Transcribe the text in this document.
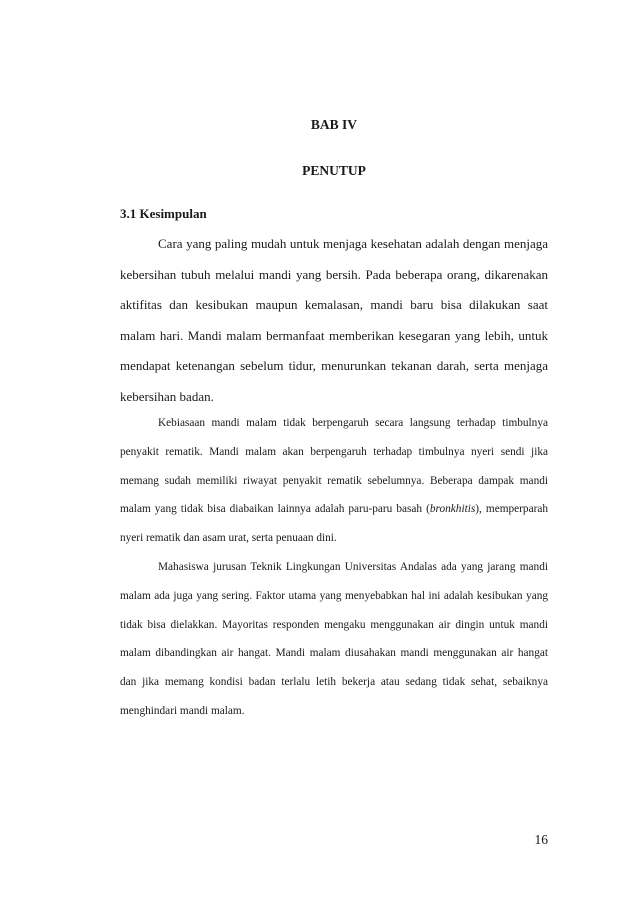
BAB IV
PENUTUP
3.1 Kesimpulan

Cara yang paling mudah untuk menjaga kesehatan adalah dengan menjaga kebersihan tubuh melalui mandi yang bersih. Pada beberapa orang, dikarenakan aktifitas dan kesibukan maupun kemalasan, mandi baru bisa dilakukan saat malam hari. Mandi malam bermanfaat memberikan kesegaran yang lebih, untuk mendapat ketenangan sebelum tidur, menurunkan tekanan darah, serta menjaga kebersihan badan.

Kebiasaan mandi malam tidak berpengaruh secara langsung terhadap timbulnya penyakit rematik. Mandi malam akan berpengaruh terhadap timbulnya nyeri sendi jika memang sudah memiliki riwayat penyakit rematik sebelumnya. Beberapa dampak mandi malam yang tidak bisa diabaikan lainnya adalah paru-paru basah (bronkhitis), memperparah nyeri rematik dan asam urat, serta penuaan dini.

Mahasiswa jurusan Teknik Lingkungan Universitas Andalas ada yang jarang mandi malam ada juga yang sering. Faktor utama yang menyebabkan hal ini adalah kesibukan yang tidak bisa dielakkan. Mayoritas responden mengaku menggunakan air dingin untuk mandi malam dibandingkan air hangat. Mandi malam diusahakan mandi menggunakan air hangat dan jika memang kondisi badan terlalu letih bekerja atau sedang tidak sehat, sebaiknya menghindari mandi malam.

16
